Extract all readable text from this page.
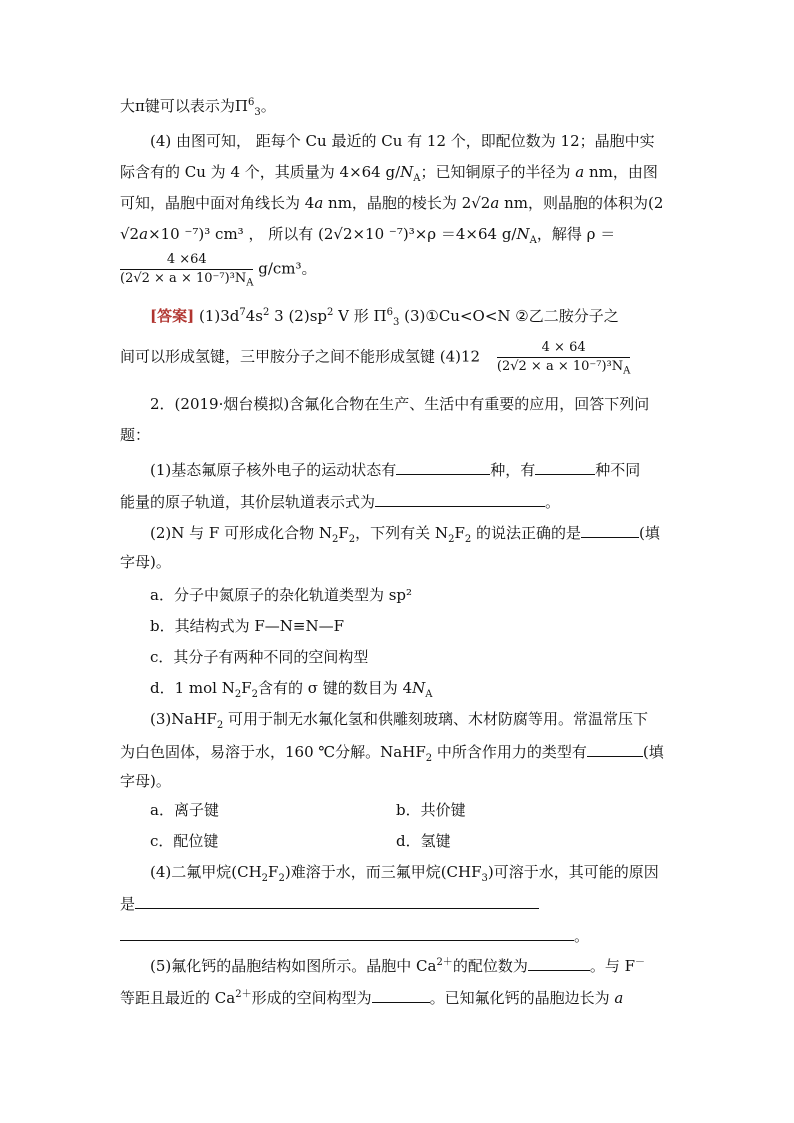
大π键可以表示为$\Pi^6_3$。
(4) 由图可知， 距每个 Cu 最近的 Cu 有 12 个，即配位数为 12；晶胞中实
际含有的 Cu 为 4 个，其质量为 4×64 $g/N_A$；已知铜原子的半径为 a nm，由图
可知，晶胞中面对角线长为 4a nm，晶胞的棱长为 2√2a nm，则晶胞的体积为(2
√2a×10 ⁻⁷)³ cm³ ， 所以有 (2√2×10 ⁻⁷)³×ρ ＝4×64 $g/N_A$，解得 ρ ＝
$\frac{4 \times 64}{(2√2 \times a \times 10^{-7})^3N_A} g/cm^3$。
[答案] $(1)3d^74s^2$ 3 $(2)sp^2$ V 形 $\Pi^6_3$ (3)①Cu<O<N ②乙二胺分子之
间可以形成氢键，三甲胺分子之间不能形成氢键 $(4)12 \frac{4 \times 64}{(2√2 \times a \times 10^{-7})^3N_A}$
2．(2019·烟台模拟)含氟化合物在生产、生活中有重要的应用，回答下列问
题：
(1)基态氟原子核外电子的运动状态有	种，有	种不同
能量的原子轨道，其价层轨道表示式为	。
(2)N 与 F 可形成化合物 $N_2F_2$，下列有关 $N_2F_2$ 的说法正确的是	(填
字母)。
a．分子中氮原子的杂化轨道类型为 sp²
b．其结构式为 F—N≡N—F
c．其分子有两种不同的空间构型
d．1 mol $N_2F_2$含有的 σ 键的数目为 $4N_A$
(3)NaHF$_2$ 可用于制无水氟化氢和供雕刻玻璃、木材防腐等用。常温常压下
为白色固体，易溶于水，160 ℃分解。NaHF$_2$ 中所含作用力的类型有	(填
字母)。
a．离子键	b．共价键
c．配位键	d．氢键
(4)二氟甲烷$(CH_2F_2)$难溶于水，而三氟甲烷$(CHF_3)$可溶于水，其可能的原因
是
。
(5)氟化钙的晶胞结构如图所示。晶胞中 $Ca^{2+}$的配位数为	。与 F－
等距且最近的 $Ca^{2+}$形成的空间构型为	。已知氟化钙的晶胞边长为 a
